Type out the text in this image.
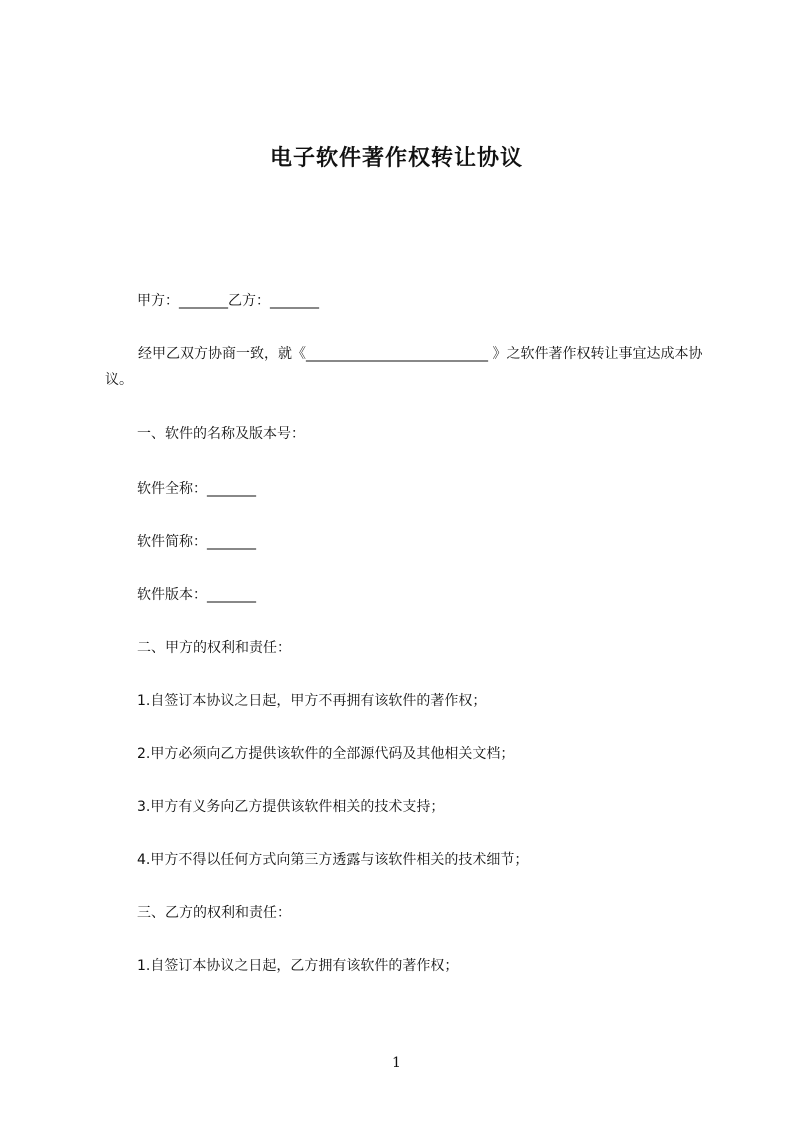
电子软件著作权转让协议
甲方：_______乙方：_______
经甲乙双方协商一致，就《__________________________ 》之软件著作权转让事宜达成本协议。
一、软件的名称及版本号：
软件全称：_______
软件简称：_______
软件版本：_______
二、甲方的权利和责任：
1.自签订本协议之日起，甲方不再拥有该软件的著作权；
2.甲方必须向乙方提供该软件的全部源代码及其他相关文档；
3.甲方有义务向乙方提供该软件相关的技术支持；
4.甲方不得以任何方式向第三方透露与该软件相关的技术细节；
三、乙方的权利和责任：
1.自签订本协议之日起，乙方拥有该软件的著作权；
1
